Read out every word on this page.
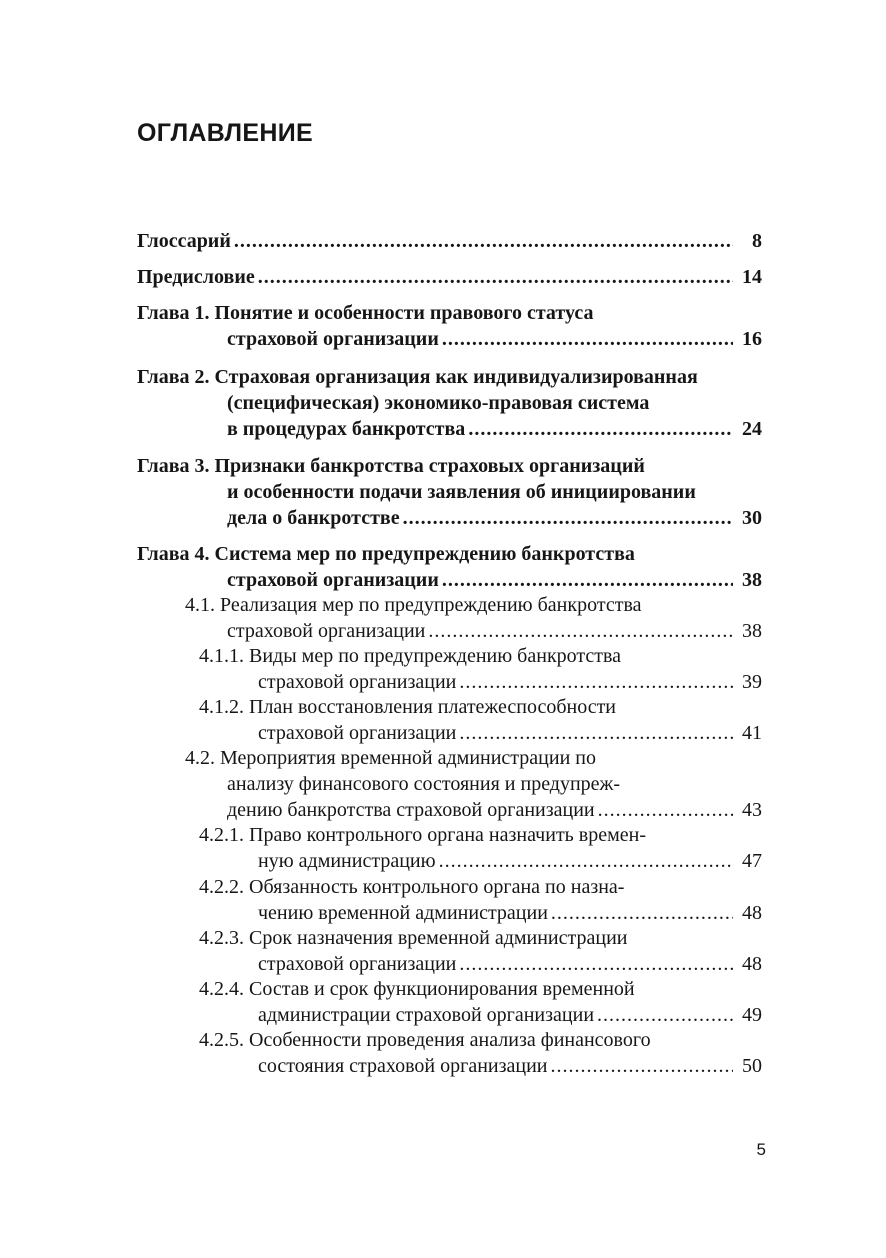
ОГЛАВЛЕНИЕ
Глоссарий .....	8
Предисловие .....	14
Глава 1.
Понятие и особенности правового статуса
страховой организации .....	16
Глава 2.
Страховая организация как индивидуализированная
(специфическая) экономико-правовая система
в процедурах банкротства .....	24
Глава 3.
Признаки банкротства страховых организаций
и особенности подачи заявления об инициировании
дела о банкротстве .....	30
Глава 4.
Система мер по предупреждению банкротства
страховой организации .....	38
4.1.
Реализация мер по предупреждению банкротства
страховой организации .....	38
4.1.1.
Виды мер по предупреждению банкротства
страховой организации .....	39
4.1.2.
План восстановления платежеспособности
страховой организации .....	41
4.2.
Мероприятия временной администрации по
анализу финансового состояния и предупреж-
дению банкротства страховой организации .....	43
4.2.1.
Право контрольного органа назначить времен-
ную администрацию .....	47
4.2.2.
Обязанность контрольного органа по назна-
чению временной администрации .....	48
4.2.3.
Срок назначения временной администрации
страховой организации .....	48
4.2.4.
Состав и срок функционирования временной
администрации страховой организации .....	49
4.2.5.
Особенности проведения анализа финансового
состояния страховой организации .....	50
5
